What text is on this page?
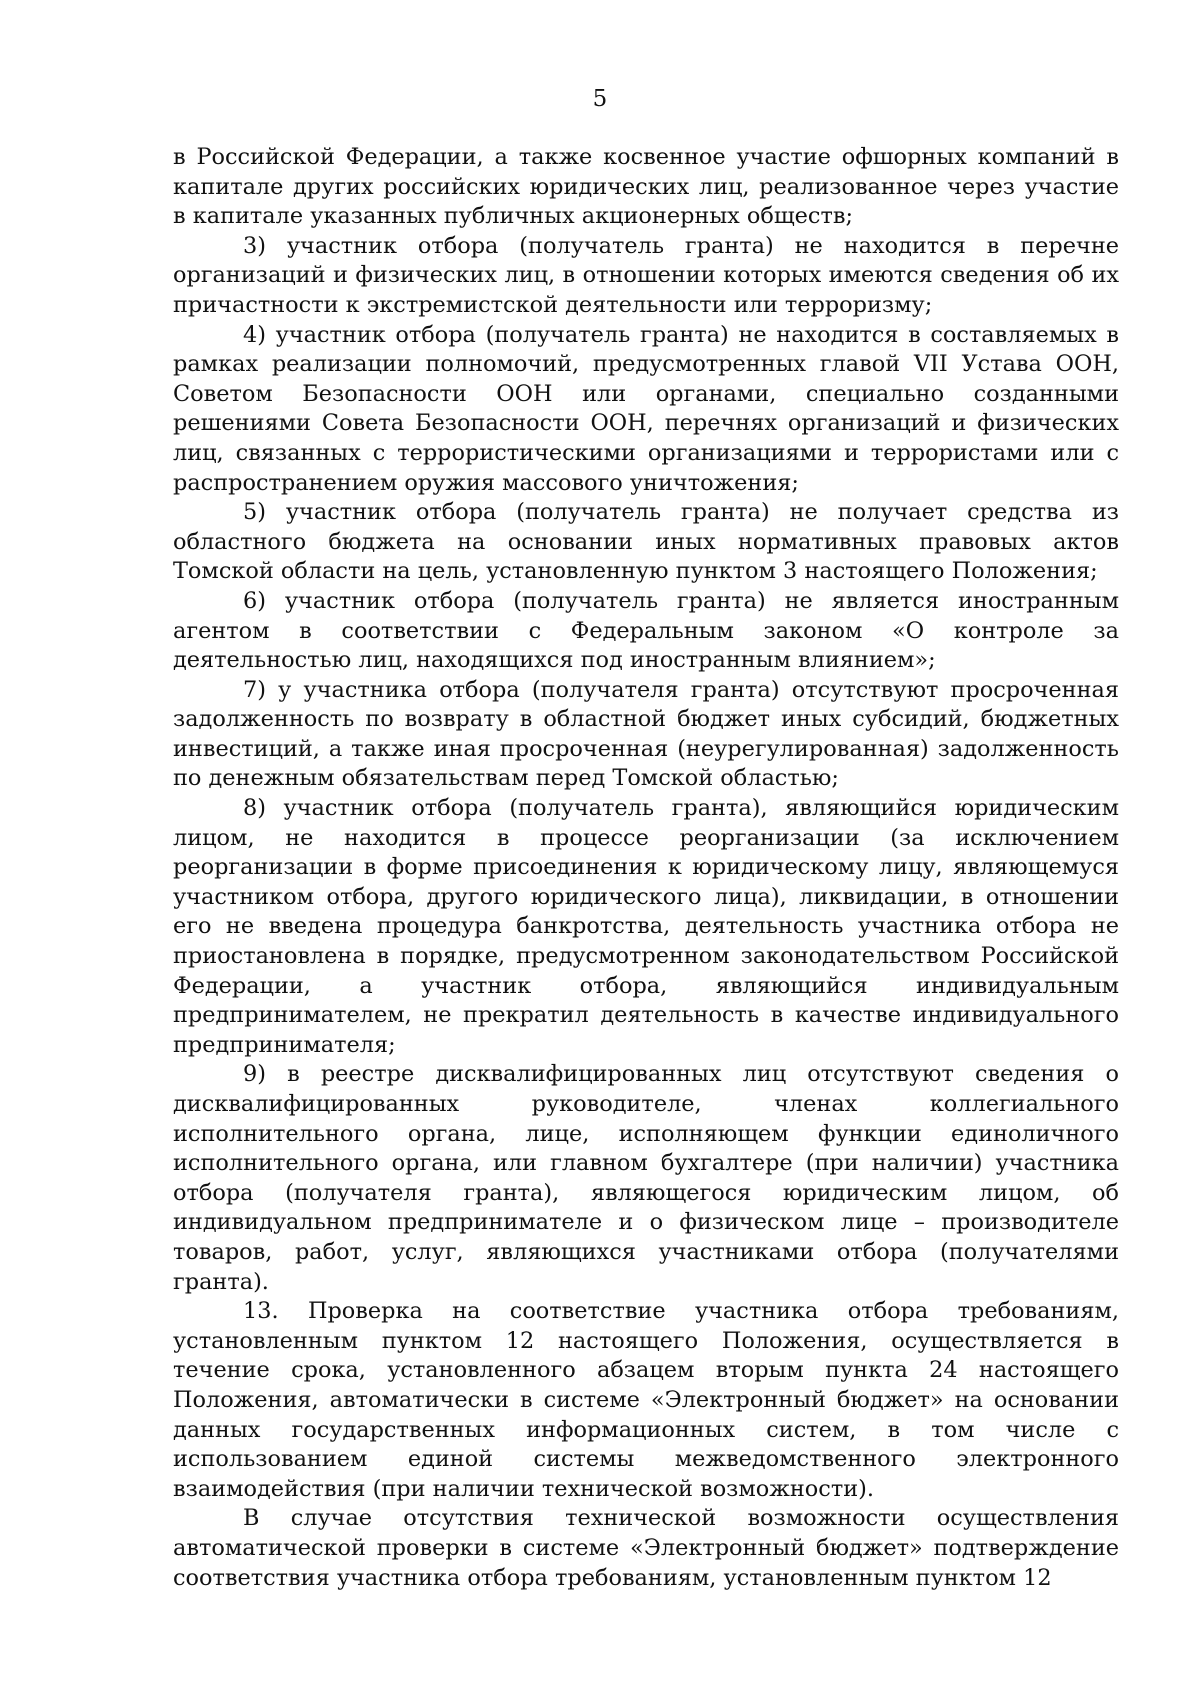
5

в Российской Федерации, а также косвенное участие офшорных компаний в капитале других российских юридических лиц, реализованное через участие в капитале указанных публичных акционерных обществ;

3) участник отбора (получатель гранта) не находится в перечне организаций и физических лиц, в отношении которых имеются сведения об их причастности к экстремистской деятельности или терроризму;

4) участник отбора (получатель гранта) не находится в составляемых в рамках реализации полномочий, предусмотренных главой VII Устава ООН, Советом Безопасности ООН или органами, специально созданными решениями Совета Безопасности ООН, перечнях организаций и физических лиц, связанных с террористическими организациями и террористами или с распространением оружия массового уничтожения;

5) участник отбора (получатель гранта) не получает средства из областного бюджета на основании иных нормативных правовых актов Томской области на цель, установленную пунктом 3 настоящего Положения;

6) участник отбора (получатель гранта) не является иностранным агентом в соответствии с Федеральным законом «О контроле за деятельностью лиц, находящихся под иностранным влиянием»;

7) у участника отбора (получателя гранта) отсутствуют просроченная задолженность по возврату в областной бюджет иных субсидий, бюджетных инвестиций, а также иная просроченная (неурегулированная) задолженность по денежным обязательствам перед Томской областью;

8) участник отбора (получатель гранта), являющийся юридическим лицом, не находится в процессе реорганизации (за исключением реорганизации в форме присоединения к юридическому лицу, являющемуся участником отбора, другого юридического лица), ликвидации, в отношении его не введена процедура банкротства, деятельность участника отбора не приостановлена в порядке, предусмотренном законодательством Российской Федерации, а участник отбора, являющийся индивидуальным предпринимателем, не прекратил деятельность в качестве индивидуального предпринимателя;

9) в реестре дисквалифицированных лиц отсутствуют сведения о дисквалифицированных руководителе, членах коллегиального исполнительного органа, лице, исполняющем функции единоличного исполнительного органа, или главном бухгалтере (при наличии) участника отбора (получателя гранта), являющегося юридическим лицом, об индивидуальном предпринимателе и о физическом лице – производителе товаров, работ, услуг, являющихся участниками отбора (получателями гранта).

13. Проверка на соответствие участника отбора требованиям, установленным пунктом 12 настоящего Положения, осуществляется в течение срока, установленного абзацем вторым пункта 24 настоящего Положения, автоматически в системе «Электронный бюджет» на основании данных государственных информационных систем, в том числе с использованием единой системы межведомственного электронного взаимодействия (при наличии технической возможности).

В случае отсутствия технической возможности осуществления автоматической проверки в системе «Электронный бюджет» подтверждение соответствия участника отбора требованиям, установленным пунктом 12
